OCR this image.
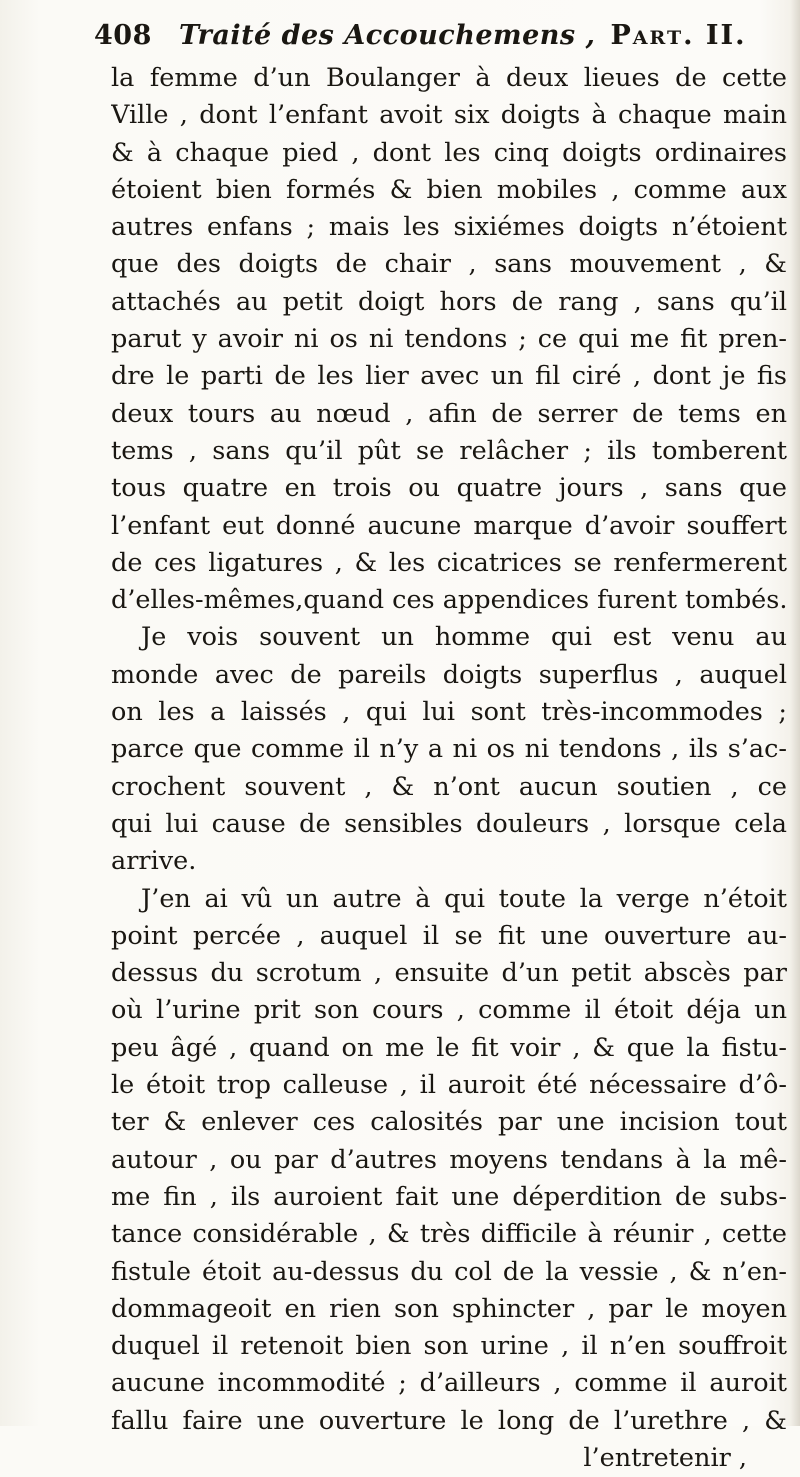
408 Traité des Accouchemens , Part. II.
la femme d’un Boulanger à deux lieues de cette
Ville , dont l’enfant avoit six doigts à chaque main
& à chaque pied , dont les cinq doigts ordinaires
étoient bien formés & bien mobiles , comme aux
autres enfans ; mais les sixiémes doigts n’étoient
que des doigts de chair , sans mouvement , &
attachés au petit doigt hors de rang , sans qu’il
parut y avoir ni os ni tendons ; ce qui me fit pren-
dre le parti de les lier avec un fil ciré , dont je fis
deux tours au nœud , afin de serrer de tems en
tems , sans qu’il pût se relâcher ; ils tomberent
tous quatre en trois ou quatre jours , sans que
l’enfant eut donné aucune marque d’avoir souffert
de ces ligatures , & les cicatrices se renfermerent
d’elles-mêmes,quand ces appendices furent tombés.
Je vois souvent un homme qui est venu au
monde avec de pareils doigts superflus , auquel
on les a laissés , qui lui sont très-incommodes ;
parce que comme il n’y a ni os ni tendons , ils s’ac-
crochent souvent , & n’ont aucun soutien , ce
qui lui cause de sensibles douleurs , lorsque cela
arrive.
J’en ai vû un autre à qui toute la verge n’étoit
point percée , auquel il se fit une ouverture au-
dessus du scrotum , ensuite d’un petit abscès par
où l’urine prit son cours , comme il étoit déja un
peu âgé , quand on me le fit voir , & que la fistu-
le étoit trop calleuse , il auroit été nécessaire d’ô-
ter & enlever ces calosités par une incision tout
autour , ou par d’autres moyens tendans à la mê-
me fin , ils auroient fait une déperdition de subs-
tance considérable , & très difficile à réunir , cette
fistule étoit au-dessus du col de la vessie , & n’en-
dommageoit en rien son sphincter , par le moyen
duquel il retenoit bien son urine , il n’en souffroit
aucune incommodité ; d’ailleurs , comme il auroit
fallu faire une ouverture le long de l’urethre , &
l’entretenir ,
